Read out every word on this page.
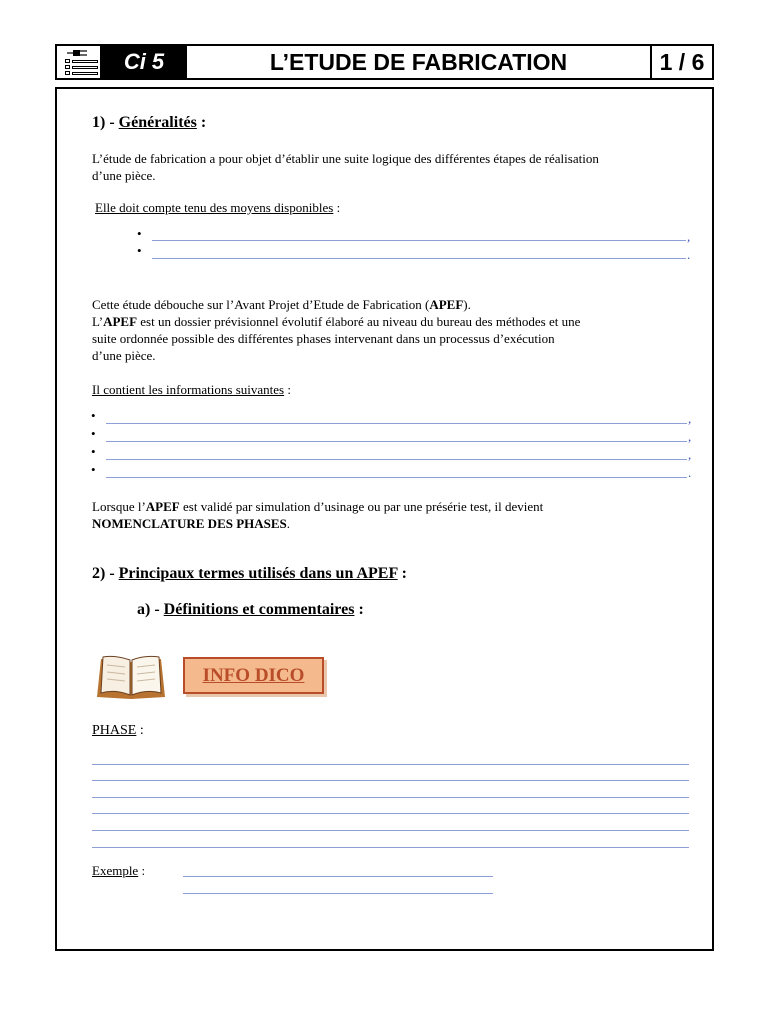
Ci 5	L’ETUDE DE FABRICATION	1 / 6
1) - Généralités :
L’étude de fabrication a pour objet d’établir une suite logique des différentes étapes de réalisation
d’une pièce.
Elle doit compte tenu des moyens disponibles :
•	,
•	.
Cette étude débouche sur l’Avant Projet d’Etude de Fabrication (APEF).
L’APEF est un dossier prévisionnel évolutif élaboré au niveau du bureau des méthodes et une
suite ordonnée possible des différentes phases intervenant dans un processus d’exécution
d’une pièce.
Il contient les informations suivantes :
•	,
•	,
•	,
•	.
Lorsque l’APEF est validé par simulation d’usinage ou par une présérie test, il devient
NOMENCLATURE DES PHASES.
2) - Principaux termes utilisés dans un APEF :
a) - Définitions et commentaires :
INFO DICO
PHASE :
Exemple :
